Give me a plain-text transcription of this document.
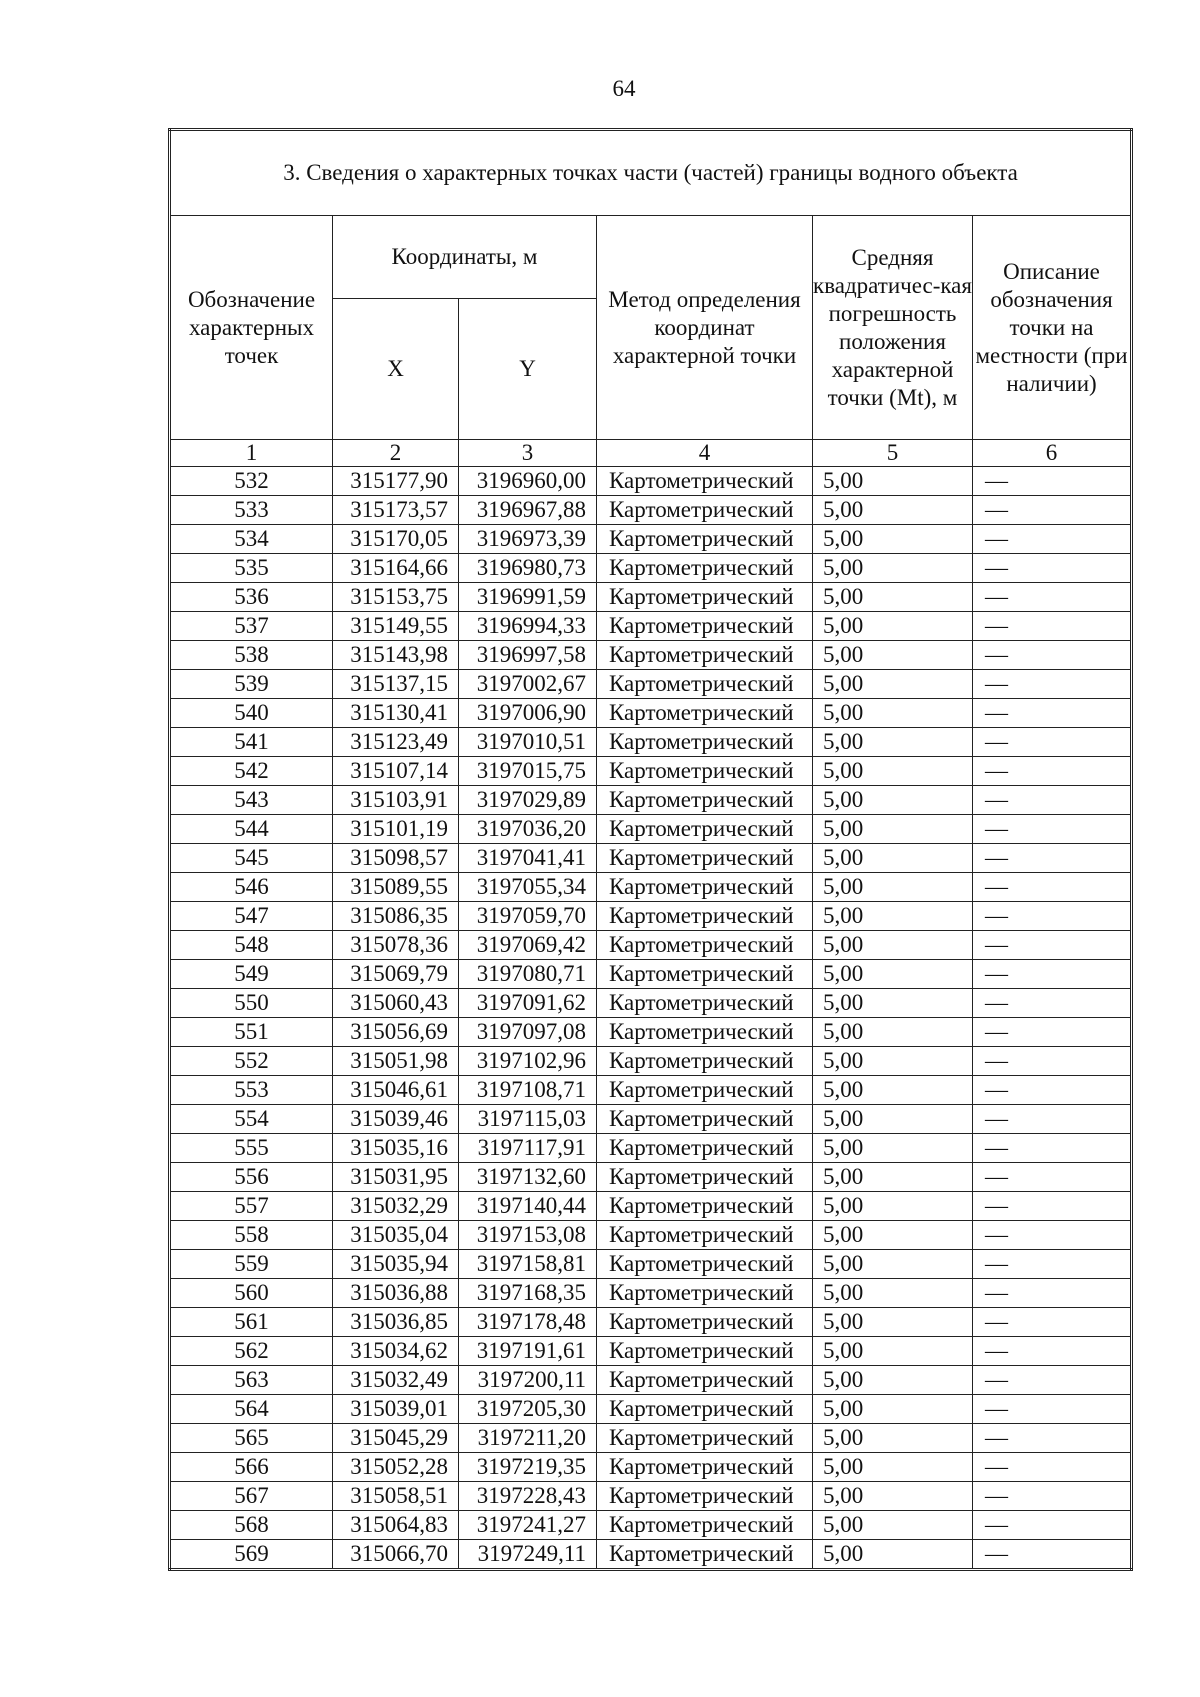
64
3. Сведения о характерных точках части (частей) границы водного объекта					
Обозначение характерных точек	Координаты, м		Метод определения координат характерной точки	Средняя квадратичес-кая погрешность положения характерной точки (Mt), м	Описание обозначения точки на местности (при наличии)
	X	Y			
1	2	3	4	5	6
532	315177,90	3196960,00	Картометрический	5,00	—
533	315173,57	3196967,88	Картометрический	5,00	—
534	315170,05	3196973,39	Картометрический	5,00	—
535	315164,66	3196980,73	Картометрический	5,00	—
536	315153,75	3196991,59	Картометрический	5,00	—
537	315149,55	3196994,33	Картометрический	5,00	—
538	315143,98	3196997,58	Картометрический	5,00	—
539	315137,15	3197002,67	Картометрический	5,00	—
540	315130,41	3197006,90	Картометрический	5,00	—
541	315123,49	3197010,51	Картометрический	5,00	—
542	315107,14	3197015,75	Картометрический	5,00	—
543	315103,91	3197029,89	Картометрический	5,00	—
544	315101,19	3197036,20	Картометрический	5,00	—
545	315098,57	3197041,41	Картометрический	5,00	—
546	315089,55	3197055,34	Картометрический	5,00	—
547	315086,35	3197059,70	Картометрический	5,00	—
548	315078,36	3197069,42	Картометрический	5,00	—
549	315069,79	3197080,71	Картометрический	5,00	—
550	315060,43	3197091,62	Картометрический	5,00	—
551	315056,69	3197097,08	Картометрический	5,00	—
552	315051,98	3197102,96	Картометрический	5,00	—
553	315046,61	3197108,71	Картометрический	5,00	—
554	315039,46	3197115,03	Картометрический	5,00	—
555	315035,16	3197117,91	Картометрический	5,00	—
556	315031,95	3197132,60	Картометрический	5,00	—
557	315032,29	3197140,44	Картометрический	5,00	—
558	315035,04	3197153,08	Картометрический	5,00	—
559	315035,94	3197158,81	Картометрический	5,00	—
560	315036,88	3197168,35	Картометрический	5,00	—
561	315036,85	3197178,48	Картометрический	5,00	—
562	315034,62	3197191,61	Картометрический	5,00	—
563	315032,49	3197200,11	Картометрический	5,00	—
564	315039,01	3197205,30	Картометрический	5,00	—
565	315045,29	3197211,20	Картометрический	5,00	—
566	315052,28	3197219,35	Картометрический	5,00	—
567	315058,51	3197228,43	Картометрический	5,00	—
568	315064,83	3197241,27	Картометрический	5,00	—
569	315066,70	3197249,11	Картометрический	5,00	—
